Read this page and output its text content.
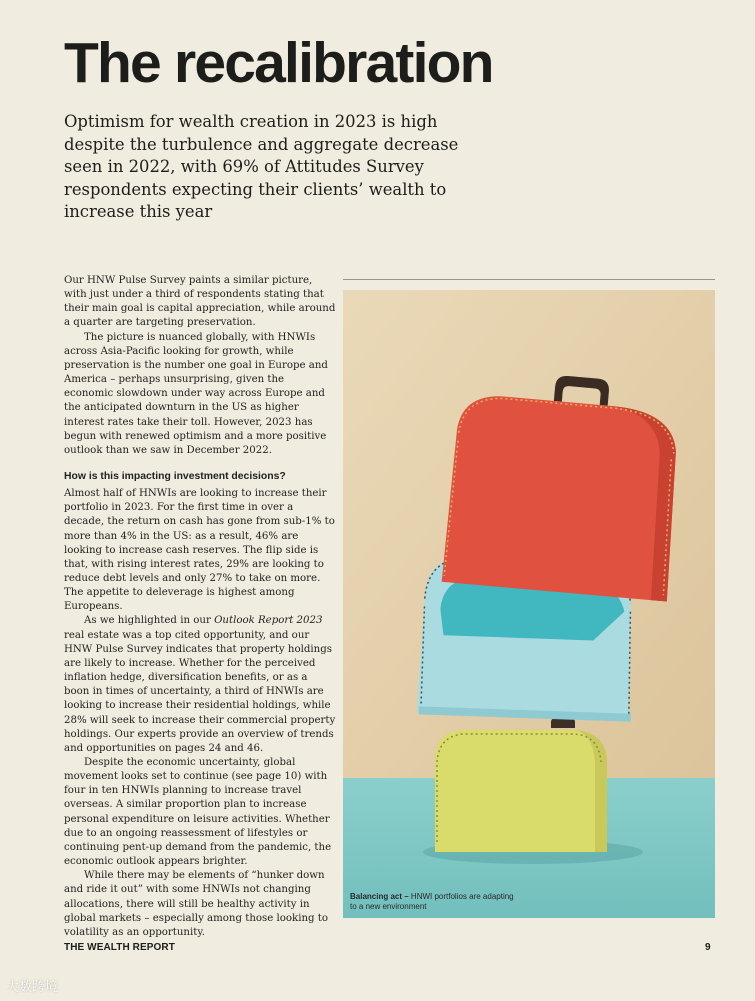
The recalibration

Optimism for wealth creation in 2023 is high despite the turbulence and aggregate decrease seen in 2022, with 69% of Attitudes Survey respondents expecting their clients’ wealth to increase this year

Our HNW Pulse Survey paints a similar picture, with just under a third of respondents stating that their main goal is capital appreciation, while around a quarter are targeting preservation.

The picture is nuanced globally, with HNWIs across Asia-Pacific looking for growth, while preservation is the number one goal in Europe and America – perhaps unsurprising, given the economic slowdown under way across Europe and the anticipated downturn in the US as higher interest rates take their toll. However, 2023 has begun with renewed optimism and a more positive outlook than we saw in December 2022.

How is this impacting investment decisions?

Almost half of HNWIs are looking to increase their portfolio in 2023. For the first time in over a decade, the return on cash has gone from sub-1% to more than 4% in the US: as a result, 46% are looking to increase cash reserves. The flip side is that, with rising interest rates, 29% are looking to reduce debt levels and only 27% to take on more. The appetite to deleverage is highest among Europeans.

As we highlighted in our Outlook Report 2023 real estate was a top cited opportunity, and our HNW Pulse Survey indicates that property holdings are likely to increase. Whether for the perceived inflation hedge, diversification benefits, or as a boon in times of uncertainty, a third of HNWIs are looking to increase their residential holdings, while 28% will seek to increase their commercial property holdings. Our experts provide an overview of trends and opportunities on pages 24 and 46.

Despite the economic uncertainty, global movement looks set to continue (see page 10) with four in ten HNWIs planning to increase travel overseas. A similar proportion plan to increase personal expenditure on leisure activities. Whether due to an ongoing reassessment of lifestyles or continuing pent-up demand from the pandemic, the economic outlook appears brighter.

While there may be elements of “hunker down and ride it out” with some HNWIs not changing allocations, there will still be healthy activity in global markets – especially among those looking to volatility as an opportunity.

Balancing act – HNWI portfolios are adapting to a new environment
THE WEALTH REPORT	9
大数跨境
